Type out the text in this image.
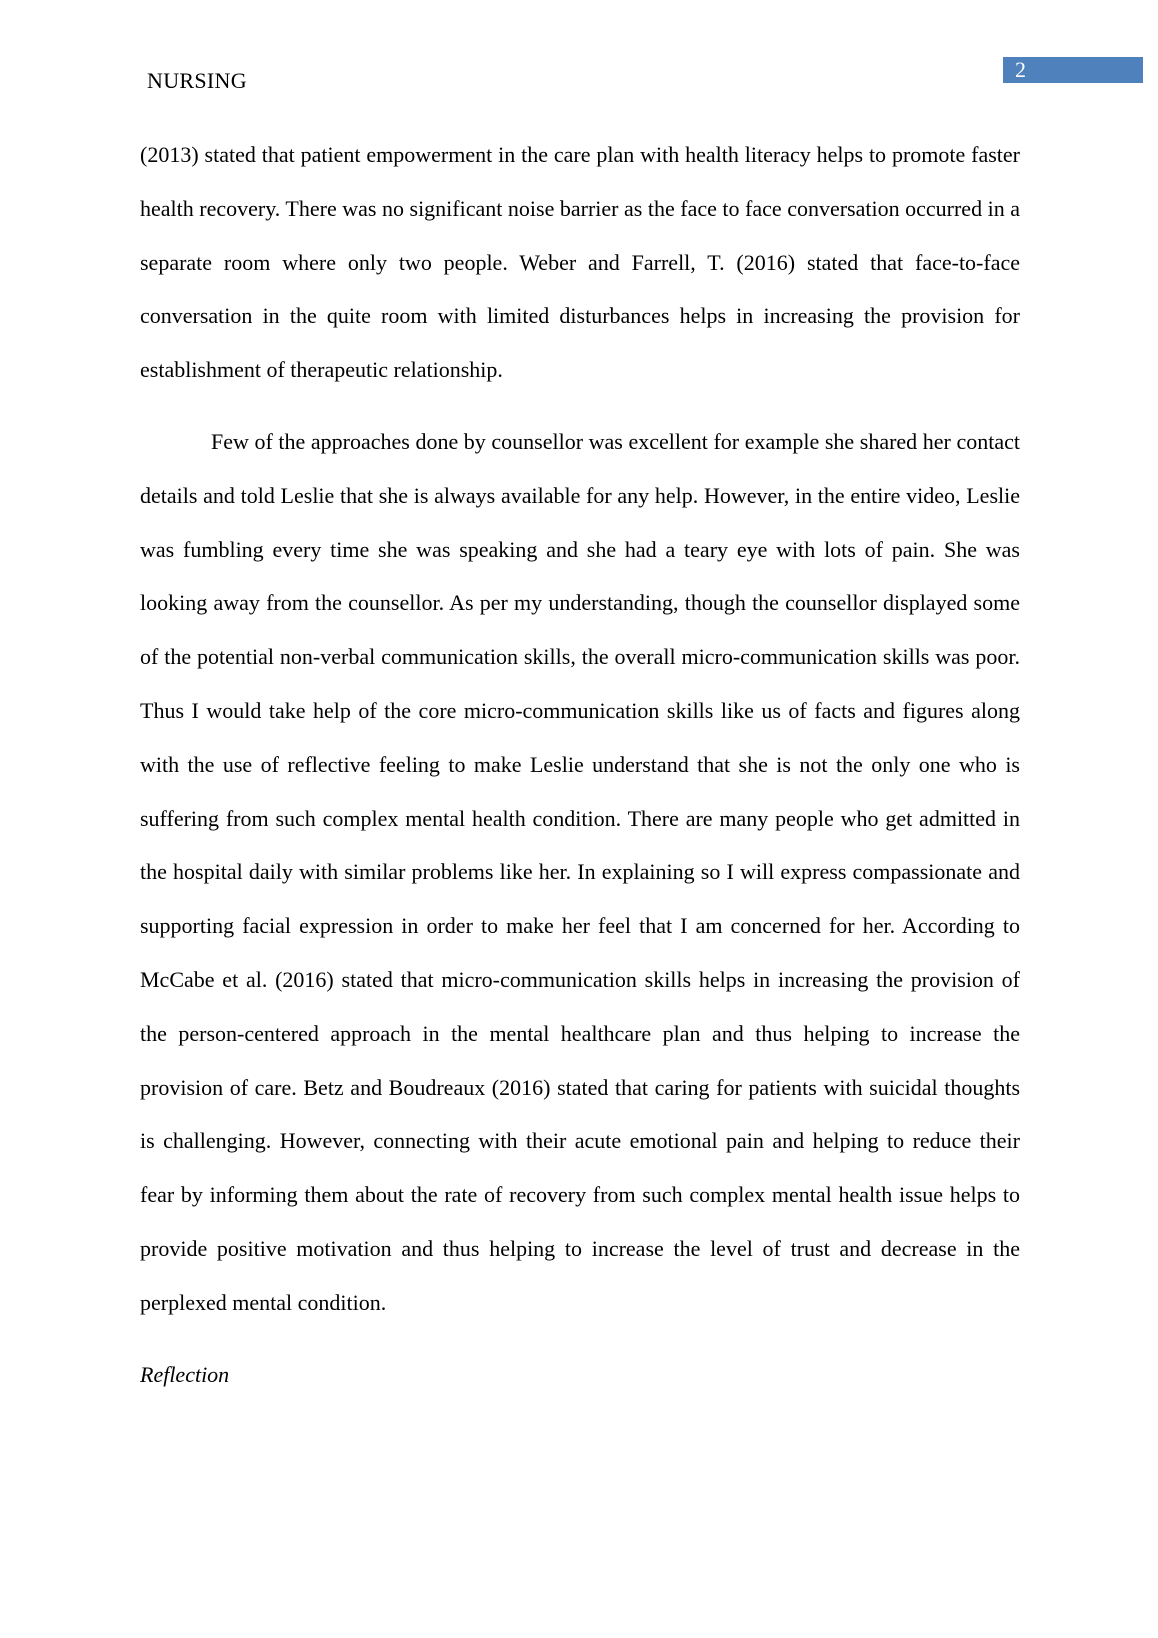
2
NURSING

(2013) stated that patient empowerment in the care plan with health literacy helps to promote faster health recovery. There was no significant noise barrier as the face to face conversation occurred in a separate room where only two people. Weber and Farrell, T. (2016) stated that face-to-face conversation in the quite room with limited disturbances helps in increasing the provision for establishment of therapeutic relationship.

Few of the approaches done by counsellor was excellent for example she shared her contact details and told Leslie that she is always available for any help. However, in the entire video, Leslie was fumbling every time she was speaking and she had a teary eye with lots of pain. She was looking away from the counsellor. As per my understanding, though the counsellor displayed some of the potential non-verbal communication skills, the overall micro-communication skills was poor. Thus I would take help of the core micro-communication skills like us of facts and figures along with the use of reflective feeling to make Leslie understand that she is not the only one who is suffering from such complex mental health condition. There are many people who get admitted in the hospital daily with similar problems like her. In explaining so I will express compassionate and supporting facial expression in order to make her feel that I am concerned for her. According to McCabe et al. (2016) stated that micro-communication skills helps in increasing the provision of the person-centered approach in the mental healthcare plan and thus helping to increase the provision of care. Betz and Boudreaux (2016) stated that caring for patients with suicidal thoughts is challenging. However, connecting with their acute emotional pain and helping to reduce their fear by informing them about the rate of recovery from such complex mental health issue helps to provide positive motivation and thus helping to increase the level of trust and decrease in the perplexed mental condition.

Reflection
